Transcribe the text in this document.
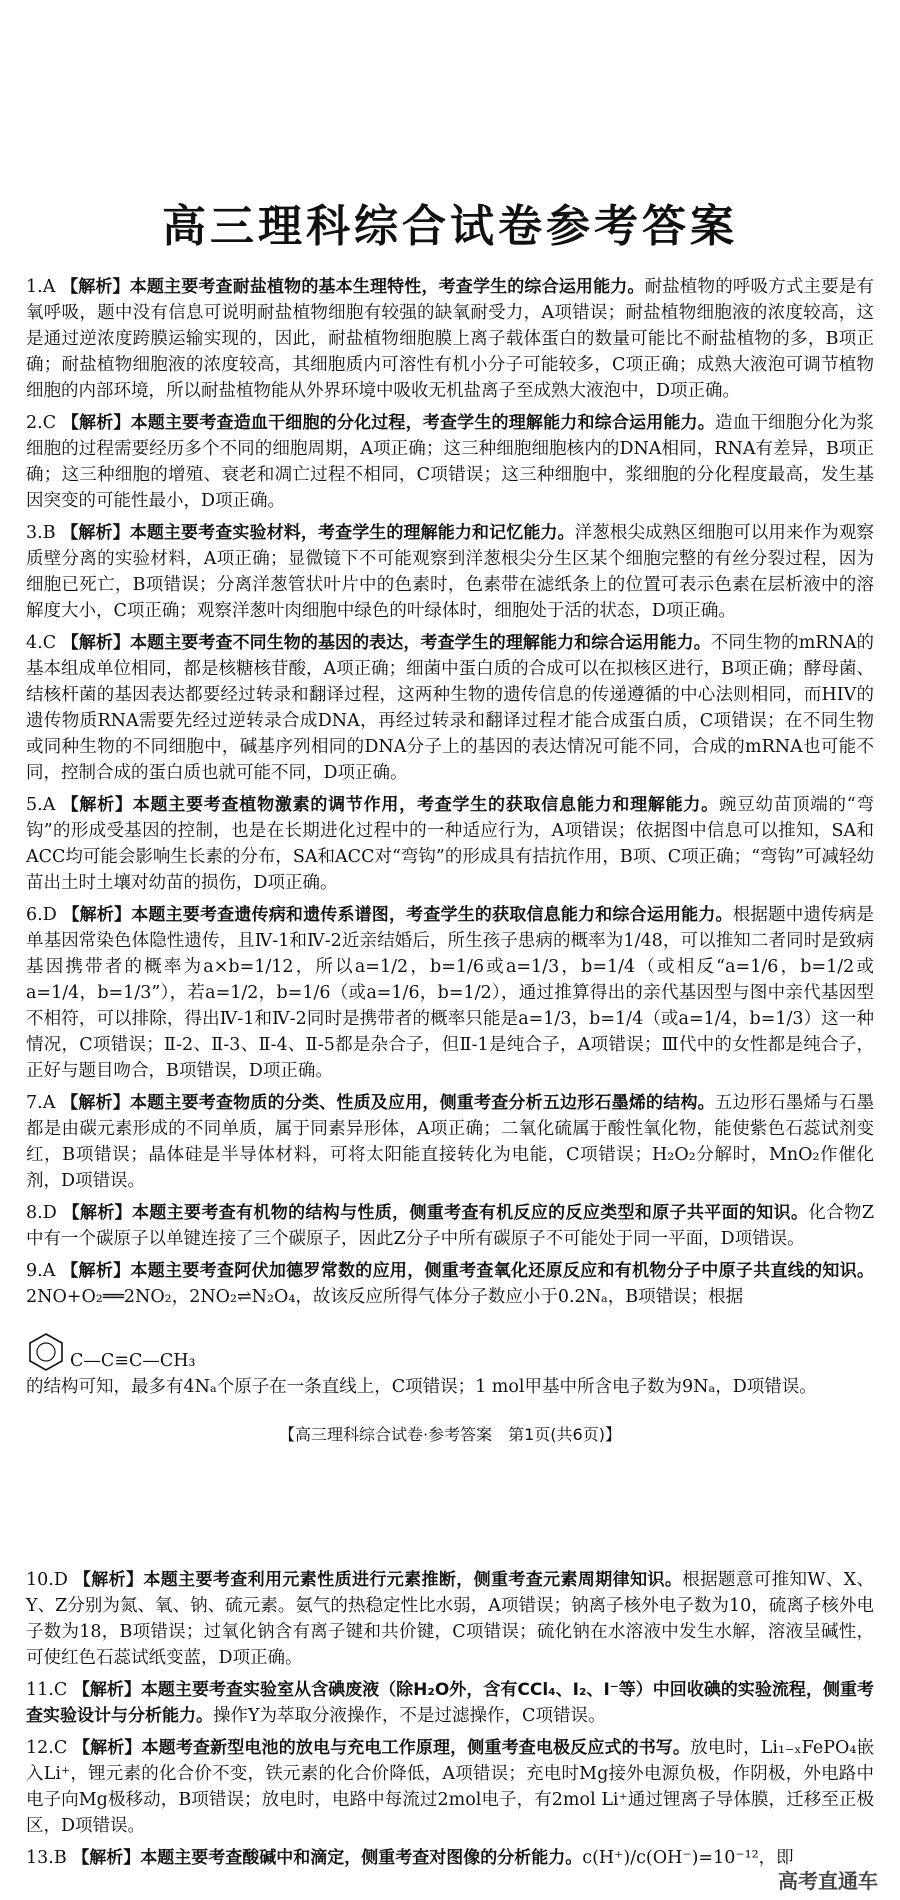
高三理科综合试卷参考答案

1.A 【解析】本题主要考查耐盐植物的基本生理特性，考查学生的综合运用能力。耐盐植物的呼吸方式主要是有氧呼吸，题中没有信息可说明耐盐植物细胞有较强的缺氧耐受力，A项错误；耐盐植物细胞液的浓度较高，这是通过逆浓度跨膜运输实现的，因此，耐盐植物细胞膜上离子载体蛋白的数量可能比不耐盐植物的多，B项正确；耐盐植物细胞液的浓度较高，其细胞质内可溶性有机小分子可能较多，C项正确；成熟大液泡可调节植物细胞的内部环境，所以耐盐植物能从外界环境中吸收无机盐离子至成熟大液泡中，D项正确。

2.C 【解析】本题主要考查造血干细胞的分化过程，考查学生的理解能力和综合运用能力。造血干细胞分化为浆细胞的过程需要经历多个不同的细胞周期，A项正确；这三种细胞细胞核内的DNA相同，RNA有差异，B项正确；这三种细胞的增殖、衰老和凋亡过程不相同，C项错误；这三种细胞中，浆细胞的分化程度最高，发生基因突变的可能性最小，D项正确。

3.B 【解析】本题主要考查实验材料，考查学生的理解能力和记忆能力。洋葱根尖成熟区细胞可以用来作为观察质壁分离的实验材料，A项正确；显微镜下不可能观察到洋葱根尖分生区某个细胞完整的有丝分裂过程，因为细胞已死亡，B项错误；分离洋葱管状叶片中的色素时，色素带在滤纸条上的位置可表示色素在层析液中的溶解度大小，C项正确；观察洋葱叶肉细胞中绿色的叶绿体时，细胞处于活的状态，D项正确。

4.C 【解析】本题主要考查不同生物的基因的表达，考查学生的理解能力和综合运用能力。不同生物的mRNA的基本组成单位相同，都是核糖核苷酸，A项正确；细菌中蛋白质的合成可以在拟核区进行，B项正确；酵母菌、结核杆菌的基因表达都要经过转录和翻译过程，这两种生物的遗传信息的传递遵循的中心法则相同，而HIV的遗传物质RNA需要先经过逆转录合成DNA，再经过转录和翻译过程才能合成蛋白质，C项错误；在不同生物或同种生物的不同细胞中，碱基序列相同的DNA分子上的基因的表达情况可能不同，合成的mRNA也可能不同，控制合成的蛋白质也就可能不同，D项正确。

5.A 【解析】本题主要考查植物激素的调节作用，考查学生的获取信息能力和理解能力。豌豆幼苗顶端的“弯钩”的形成受基因的控制，也是在长期进化过程中的一种适应行为，A项错误；依据图中信息可以推知，SA和ACC均可能会影响生长素的分布，SA和ACC对“弯钩”的形成具有拮抗作用，B项、C项正确；“弯钩”可减轻幼苗出土时土壤对幼苗的损伤，D项正确。

6.D 【解析】本题主要考查遗传病和遗传系谱图，考查学生的获取信息能力和综合运用能力。根据题中遗传病是单基因常染色体隐性遗传，且Ⅳ-1和Ⅳ-2近亲结婚后，所生孩子患病的概率为1/48，可以推知二者同时是致病基因携带者的概率为a×b=1/12，所以a=1/2，b=1/6或a=1/3，b=1/4（或相反“a=1/6，b=1/2或a=1/4，b=1/3”），若a=1/2，b=1/6（或a=1/6，b=1/2），通过推算得出的亲代基因型与图中亲代基因型不相符，可以排除，得出Ⅳ-1和Ⅳ-2同时是携带者的概率只能是a=1/3，b=1/4（或a=1/4，b=1/3）这一种情况，C项错误；Ⅱ-2、Ⅱ-3、Ⅱ-4、Ⅱ-5都是杂合子，但Ⅱ-1是纯合子，A项错误；Ⅲ代中的女性都是纯合子，正好与题目吻合，B项错误，D项正确。

7.A 【解析】本题主要考查物质的分类、性质及应用，侧重考查分析五边形石墨烯的结构。五边形石墨烯与石墨都是由碳元素形成的不同单质，属于同素异形体，A项正确；二氧化硫属于酸性氧化物，能使紫色石蕊试剂变红，B项错误；晶体硅是半导体材料，可将太阳能直接转化为电能，C项错误；H₂O₂分解时，MnO₂作催化剂，D项错误。

8.D 【解析】本题主要考查有机物的结构与性质，侧重考查有机反应的反应类型和原子共平面的知识。化合物Z中有一个碳原子以单键连接了三个碳原子，因此Z分子中所有碳原子不可能处于同一平面，D项错误。

9.A 【解析】本题主要考查阿伏加德罗常数的应用，侧重考查氧化还原反应和有机物分子中原子共直线的知识。2NO+O₂══2NO₂，2NO₂⇌N₂O₄，故该反应所得气体分子数应小于0.2Nₐ，B项错误；根据
C—C≡C—CH₃
的结构可知，最多有4Nₐ个原子在一条直线上，C项错误；1 mol甲基中所含电子数为9Nₐ，D项错误。
【高三理科综合试卷·参考答案　第1页(共6页)】

10.D 【解析】本题主要考查利用元素性质进行元素推断，侧重考查元素周期律知识。根据题意可推知W、X、Y、Z分别为氮、氧、钠、硫元素。氨气的热稳定性比水弱，A项错误；钠离子核外电子数为10，硫离子核外电子数为18，B项错误；过氧化钠含有离子键和共价键，C项错误；硫化钠在水溶液中发生水解，溶液呈碱性，可使红色石蕊试纸变蓝，D项正确。

11.C 【解析】本题主要考查实验室从含碘废液（除H₂O外，含有CCl₄、I₂、I⁻等）中回收碘的实验流程，侧重考查实验设计与分析能力。操作Y为萃取分液操作，不是过滤操作，C项错误。

12.C 【解析】本题考查新型电池的放电与充电工作原理，侧重考查电极反应式的书写。放电时，Li₁₋ₓFePO₄嵌入Li⁺，锂元素的化合价不变，铁元素的化合价降低，A项错误；充电时Mg接外电源负极，作阴极，外电路中电子向Mg极移动，B项错误；放电时，电路中每流过2mol电子，有2mol Li⁺通过锂离子导体膜，迁移至正极区，D项错误。

13.B 【解析】本题主要考查酸碱中和滴定，侧重考查对图像的分析能力。c(H⁺)/c(OH⁻)=10⁻¹²，即

高考直通车
